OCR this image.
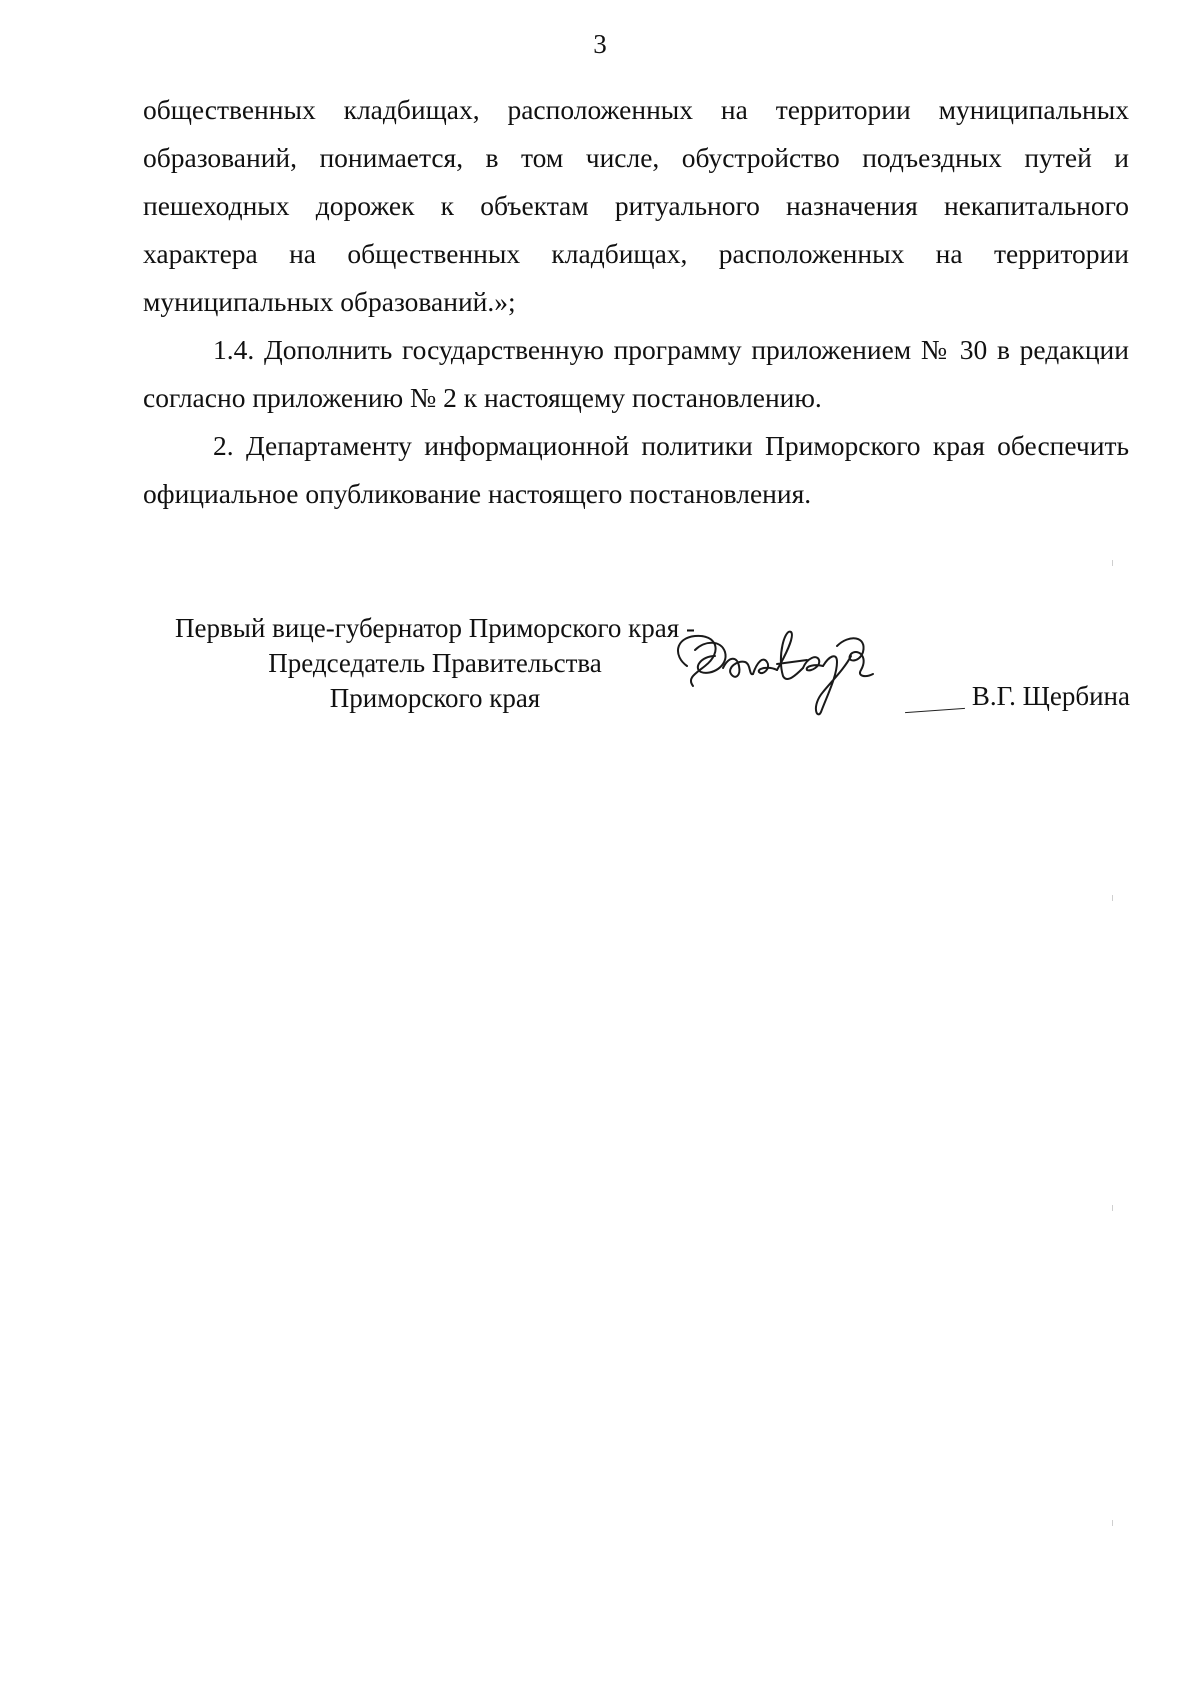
3

общественных кладбищах, расположенных на территории муниципальных образований, понимается, в том числе, обустройство подъездных путей и пешеходных дорожек к объектам ритуального назначения некапитального характера на общественных кладбищах, расположенных на территории муниципальных образований.»;

1.4. Дополнить государственную программу приложением № 30 в редакции согласно приложению № 2 к настоящему постановлению.

2. Департаменту информационной политики Приморского края обеспечить официальное опубликование настоящего постановления.

Первый вице-губернатор Приморского края -
Председатель Правительства
Приморского края	В.Г. Щербина
